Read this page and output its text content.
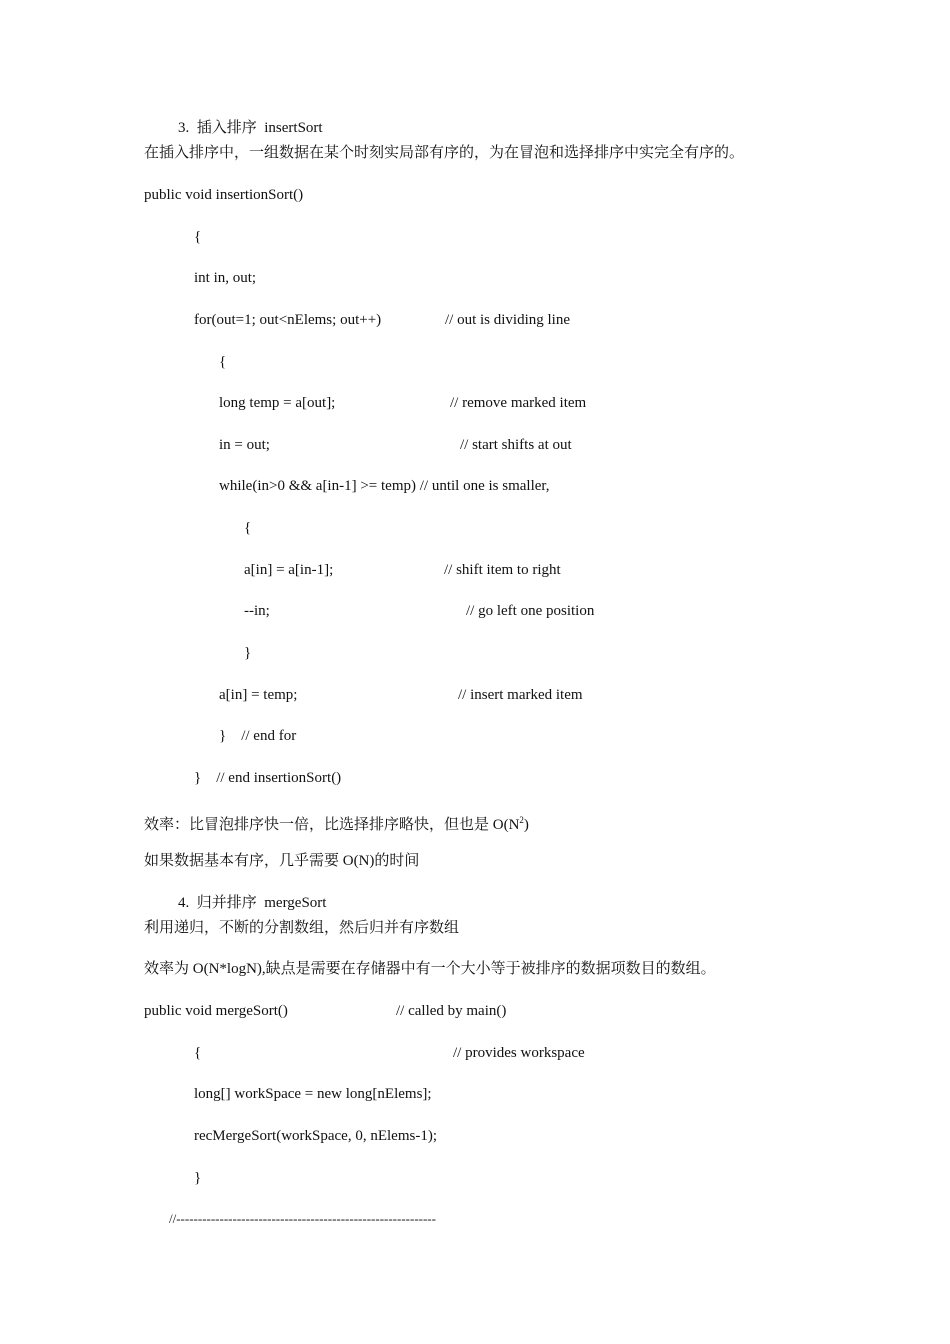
3.  插入排序  insertSort
在插入排序中，一组数据在某个时刻实局部有序的，为在冒泡和选择排序中实完全有序的。
public void insertionSort()
{
int in, out;
for(out=1; out<nElems; out++)	// out is dividing line
{
long temp = a[out];	// remove marked item
in = out;	// start shifts at out
while(in>0 && a[in-1] >= temp) // until one is smaller,
{
a[in] = a[in-1];	// shift item to right
--in;	// go left one position
}
a[in] = temp;	// insert marked item
}    // end for
}    // end insertionSort()
效率：比冒泡排序快一倍，比选择排序略快，但也是 $O(N^2)$
如果数据基本有序，几乎需要 O(N)的时间
4.  归并排序  mergeSort
利用递归，不断的分割数组，然后归并有序数组
效率为 O(N*logN),缺点是需要在存储器中有一个大小等于被排序的数据项数目的数组。
public void mergeSort()	// called by main()
{	// provides workspace
long[] workSpace = new long[nElems];
recMergeSort(workSpace, 0, nElems-1);
}
//------------------------------------------------------------
